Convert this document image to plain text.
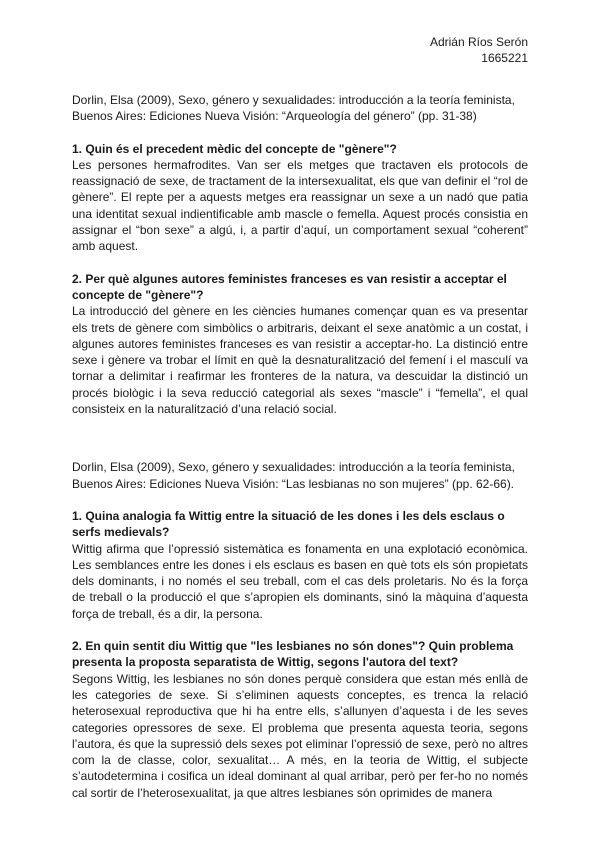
Adrián Ríos Serón
1665221

Dorlin, Elsa (2009), Sexo, género y sexualidades: introducción a la teoría feminista,

Buenos Aires: Ediciones Nueva Visión: “Arqueología del género” (pp. 31-38)

1. Quin és el precedent mèdic del concepte de "gènere"?

Les persones hermafrodites. Van ser els metges que tractaven els protocols de reassignació de sexe, de tractament de la intersexualitat, els que van definir el “rol de gènere”. El repte per a aquests metges era reassignar un sexe a un nadó que patia una identitat sexual indientificable amb mascle o femella. Aquest procés consistia en assignar el “bon sexe” a algú, i, a partir d’aquí, un comportament sexual “coherent” amb aquest.

2. Per què algunes autores feministes franceses es van resistir a acceptar el concepte de "gènere"?

La introducció del gènere en les ciències humanes començar quan es va presentar els trets de gènere com simbòlics o arbitraris, deixant el sexe anatòmic a un costat, i algunes autores feministes franceses es van resistir a acceptar-ho. La distinció entre sexe i gènere va trobar el límit en què la desnaturalització del femení i el masculí va tornar a delimitar i reafirmar les fronteres de la natura, va descuidar la distinció un procés biològic i la seva reducció categorial als sexes “mascle” i “femella”, el qual consisteix en la naturalització d’una relació social.

Dorlin, Elsa (2009), Sexo, género y sexualidades: introducción a la teoría feminista,

Buenos Aires: Ediciones Nueva Visión: “Las lesbianas no son mujeres” (pp. 62-66).

1. Quina analogia fa Wittig entre la situació de les dones i les dels esclaus o serfs medievals?

Wittig afirma que l’opressió sistemàtica es fonamenta en una explotació econòmica. Les semblances entre les dones i els esclaus es basen en què tots els són propietats dels dominants, i no només el seu treball, com el cas dels proletaris. No és la força de treball o la producció el que s’apropien els dominants, sinó la màquina d’aquesta força de treball, és a dir, la persona.

2. En quin sentit diu Wittig que "les lesbianes no són dones"? Quin problema presenta la proposta separatista de Wittig, segons l'autora del text?

Segons Wittig, les lesbianes no són dones perquè considera que estan més enllà de les categories de sexe. Si s’eliminen aquests conceptes, es trenca la relació heterosexual reproductiva que hi ha entre ells, s’allunyen d’aquesta i de les seves categories opressores de sexe. El problema que presenta aquesta teoria, segons l’autora, és que la supressió dels sexes pot eliminar l’opressió de sexe, però no altres com la de classe, color, sexualitat… A més, en la teoria de Wittig, el subjecte s’autodetermina i cosifica un ideal dominant al qual arribar, però per fer-ho no només cal sortir de l’heterosexualitat, ja que altres lesbianes són oprimides de manera
